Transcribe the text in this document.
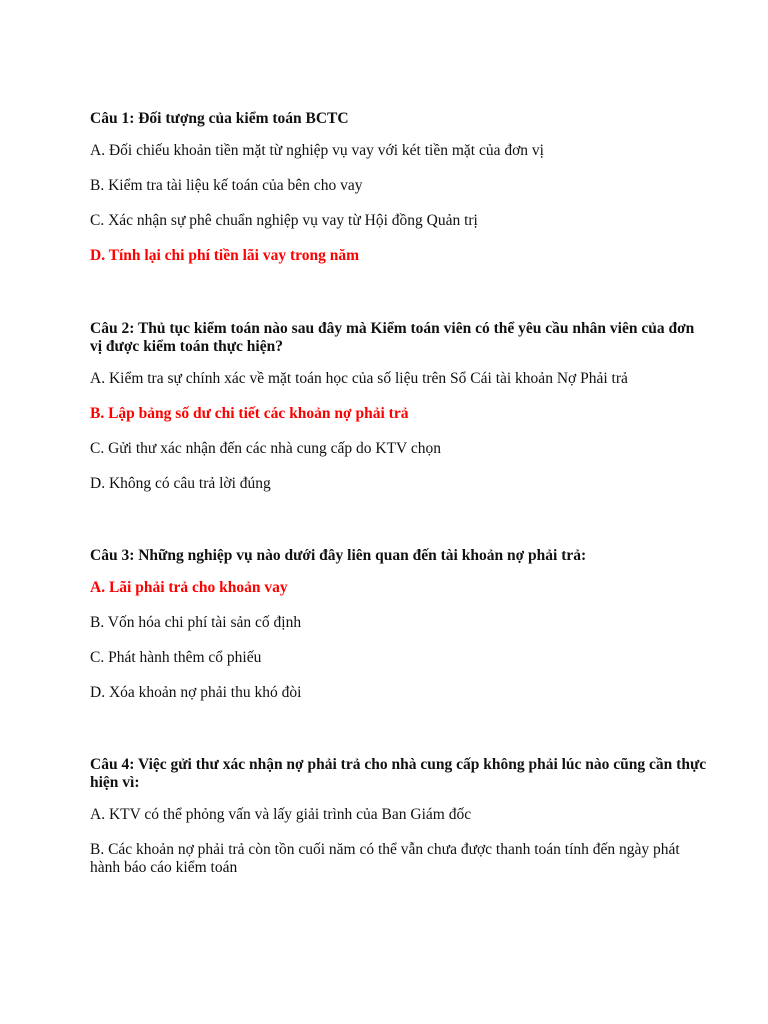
Câu 1: Đối tượng của kiểm toán BCTC
A. Đối chiếu khoản tiền mặt từ nghiệp vụ vay với két tiền mặt của đơn vị
B. Kiểm tra tài liệu kế toán của bên cho vay
C. Xác nhận sự phê chuẩn nghiệp vụ vay từ Hội đồng Quản trị
D. Tính lại chi phí tiền lãi vay trong năm
Câu 2: Thủ tục kiểm toán nào sau đây mà Kiểm toán viên có thể yêu cầu nhân viên của đơn vị được kiểm toán thực hiện?
A. Kiểm tra sự chính xác về mặt toán học của số liệu trên Sổ Cái tài khoản Nợ Phải trả
B. Lập bảng số dư chi tiết các khoản nợ phải trả
C. Gửi thư xác nhận đến các nhà cung cấp do KTV chọn
D. Không có câu trả lời đúng
Câu 3: Những nghiệp vụ nào dưới đây liên quan đến tài khoản nợ phải trả:
A. Lãi phải trả cho khoản vay
B. Vốn hóa chi phí tài sản cố định
C. Phát hành thêm cổ phiếu
D. Xóa khoản nợ phải thu khó đòi
Câu 4: Việc gửi thư xác nhận nợ phải trả cho nhà cung cấp không phải lúc nào cũng cần thực hiện vì:
A. KTV có thể phỏng vấn và lấy giải trình của Ban Giám đốc
B. Các khoản nợ phải trả còn tồn cuối năm có thể vẫn chưa được thanh toán tính đến ngày phát hành báo cáo kiểm toán
